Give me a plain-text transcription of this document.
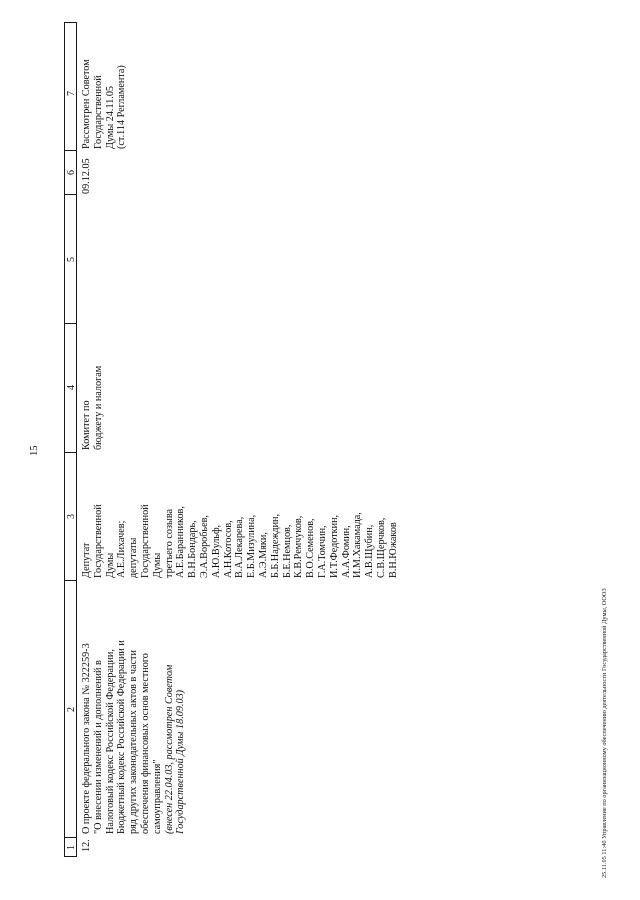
1
2
3
4
5
6
7
15
12.
О проекте федерального закона № 322259-3 "О внесении изменений и дополнений в Налоговый кодекс Российской Федерации, Бюджетный кодекс Российской Федерации и ряд других законодательных актов в части обеспечения финансовых основ местного самоуправления" (внесен 22.04.03, рассмотрен Советом Государственной Думы 18.09.03)
Депутат Государственной Думы А.Е.Лихачев; депутаты Государственной Думы третьего созыва А.Е.Баранников, В.Н.Бондарь, Э.А.Воробьев, А.Ю.Вульф, А.Н.Котосов, В.А.Лекарева, Е.Б.Мизулина, А.Э.Мяки, Б.Б.Надеждин, Б.Е.Немцов, К.В.Ремчуков, В.О.Семенов, Г.А.Томчин, И.Т.Федоткин, А.А.Фомин, И.М.Хакамада, А.В.Щубин, С.В.Щерчков, В.Н.Южаков
Комитет по бюджету и налогам
09.12.05
Рассмотрен Советом Государственной Думы 24.11.05 (ст.114 Регламента)
25.11.05 11:40 Управление по организационному обеспечению деятельности Государственной Думы, ООО3
